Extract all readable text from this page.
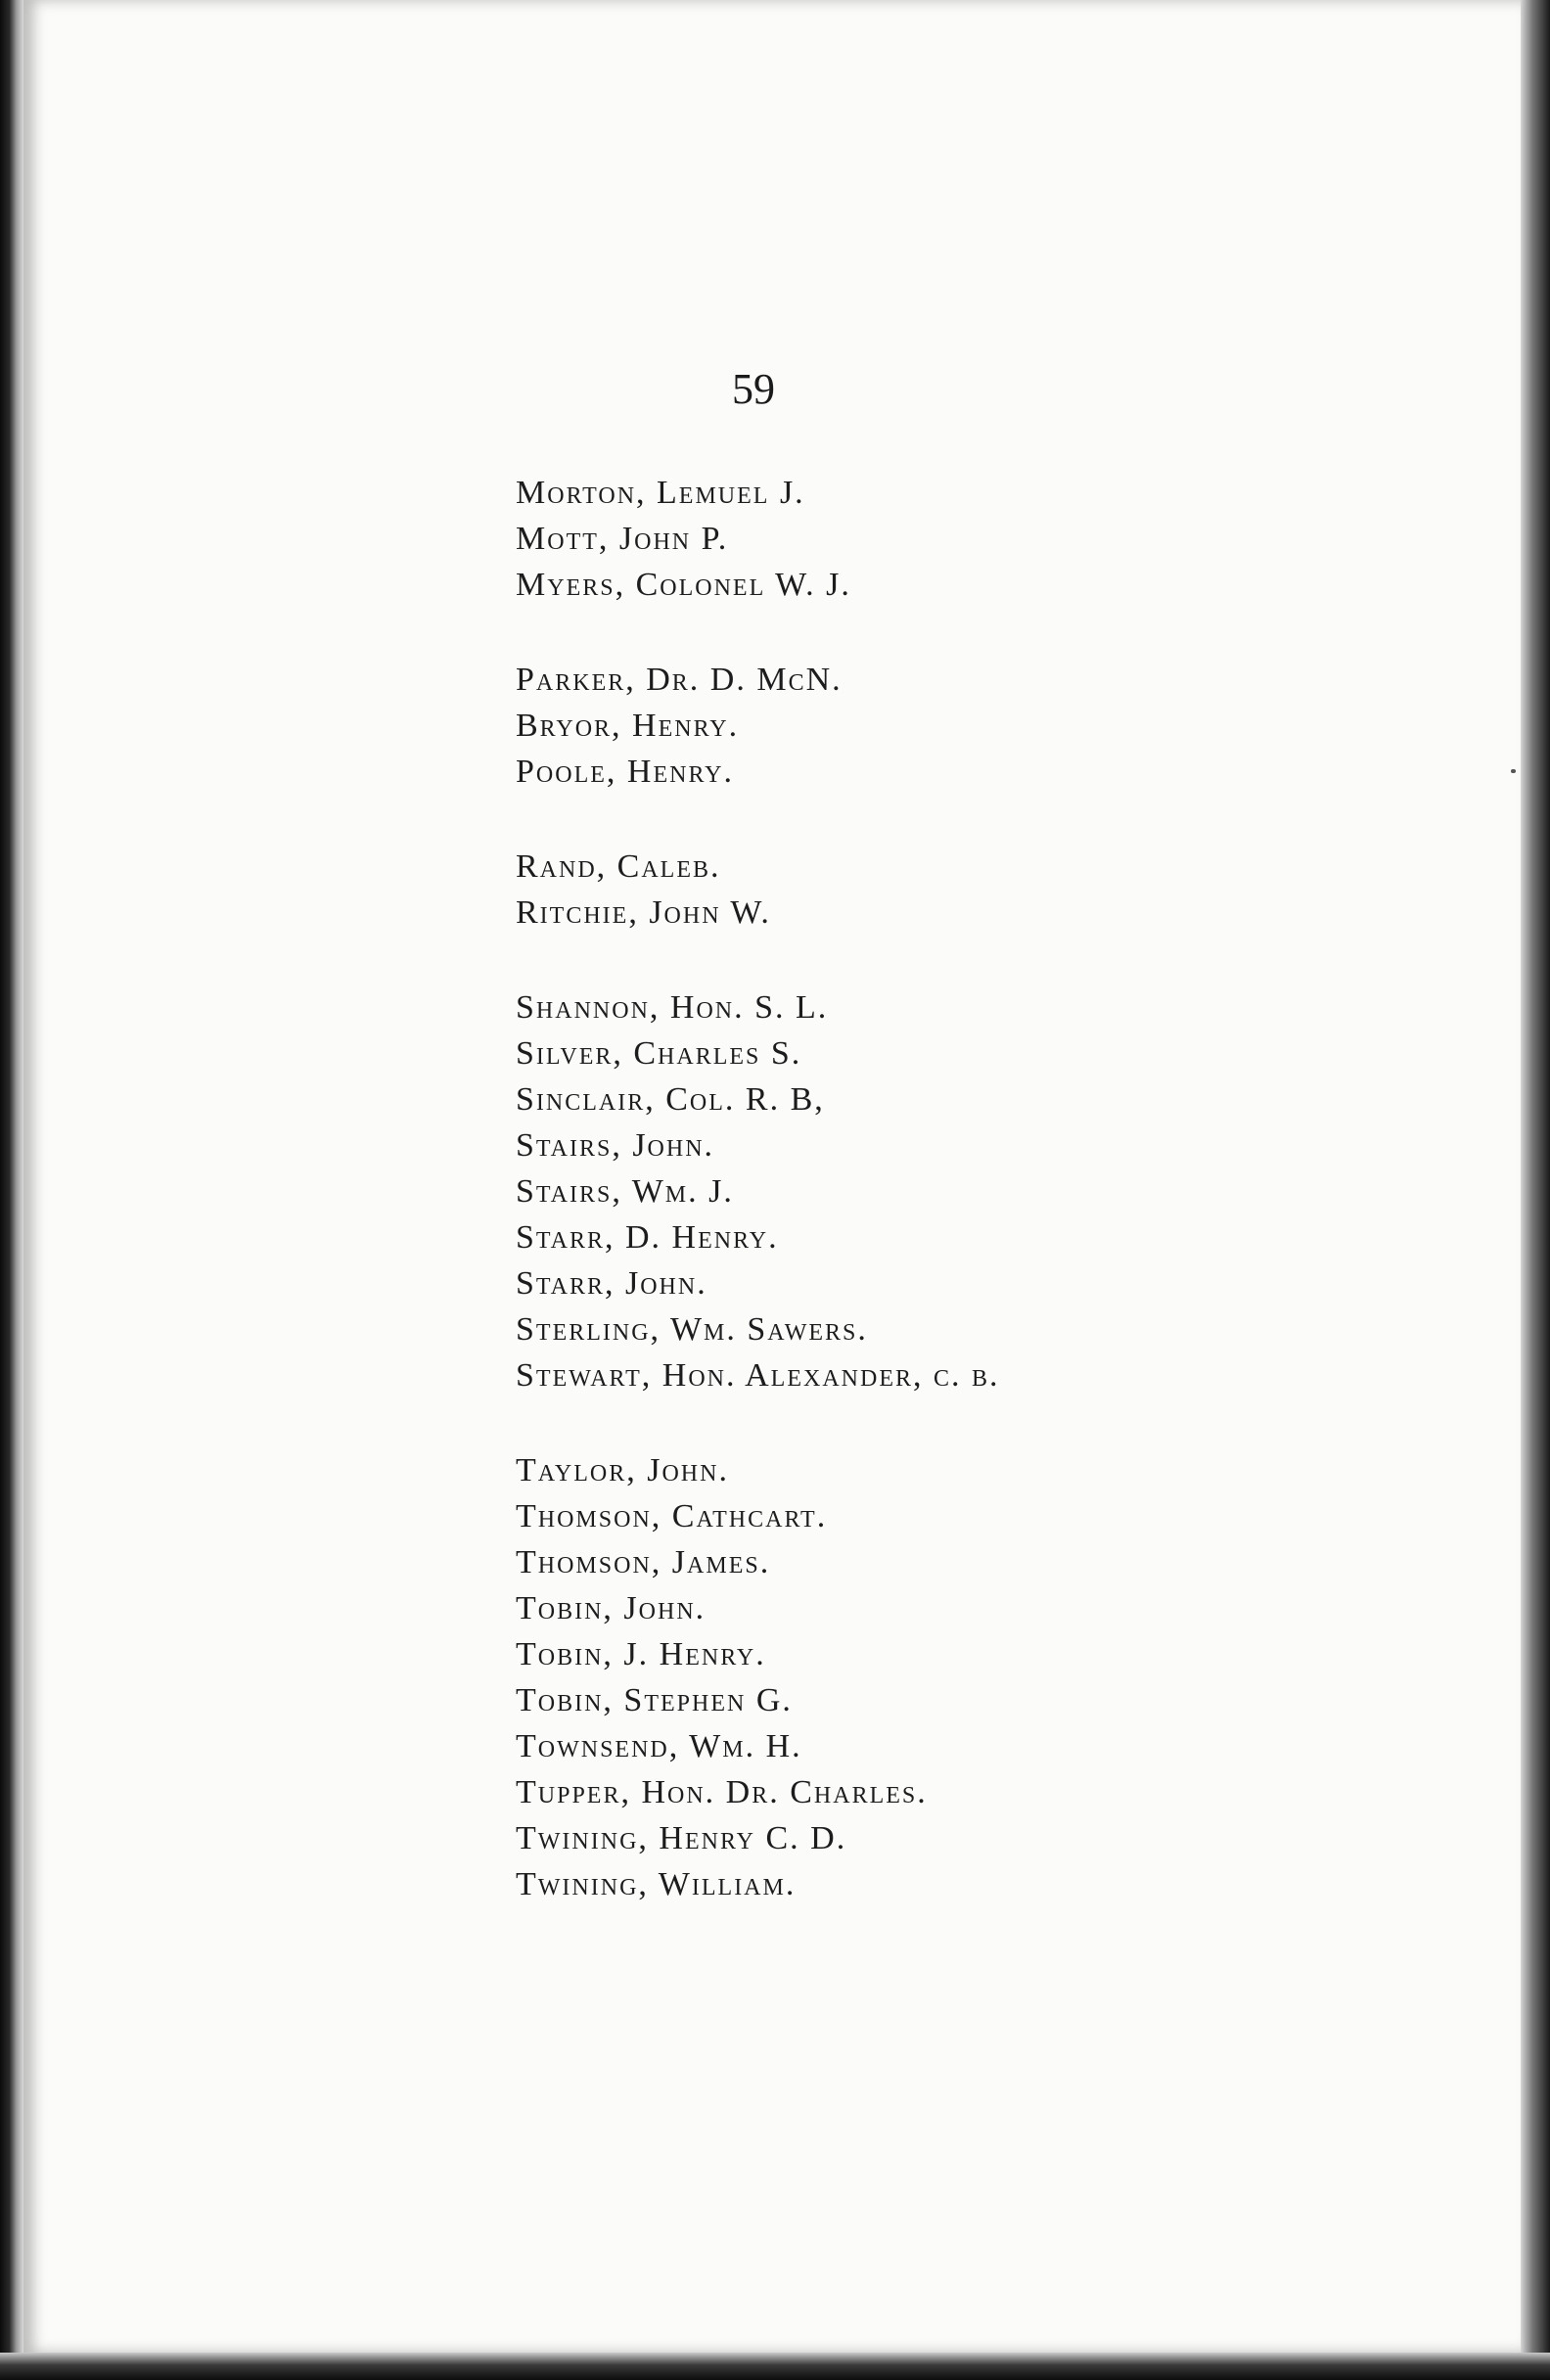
59
Morton, Lemuel J.
Mott, John P.
Myers, Colonel W. J.
Parker, Dr. D. McN.
Bryor, Henry.
Poole, Henry.
Rand, Caleb.
Ritchie, John W.
Shannon, Hon. S. L.
Silver, Charles S.
Sinclair, Col. R. B,
Stairs, John.
Stairs, Wm. J.
Starr, D. Henry.
Starr, John.
Sterling, Wm. Sawers.
Stewart, Hon. Alexander, c. b.
Taylor, John.
Thomson, Cathcart.
Thomson, James.
Tobin, John.
Tobin, J. Henry.
Tobin, Stephen G.
Townsend, Wm. H.
Tupper, Hon. Dr. Charles.
Twining, Henry C. D.
Twining, William.
